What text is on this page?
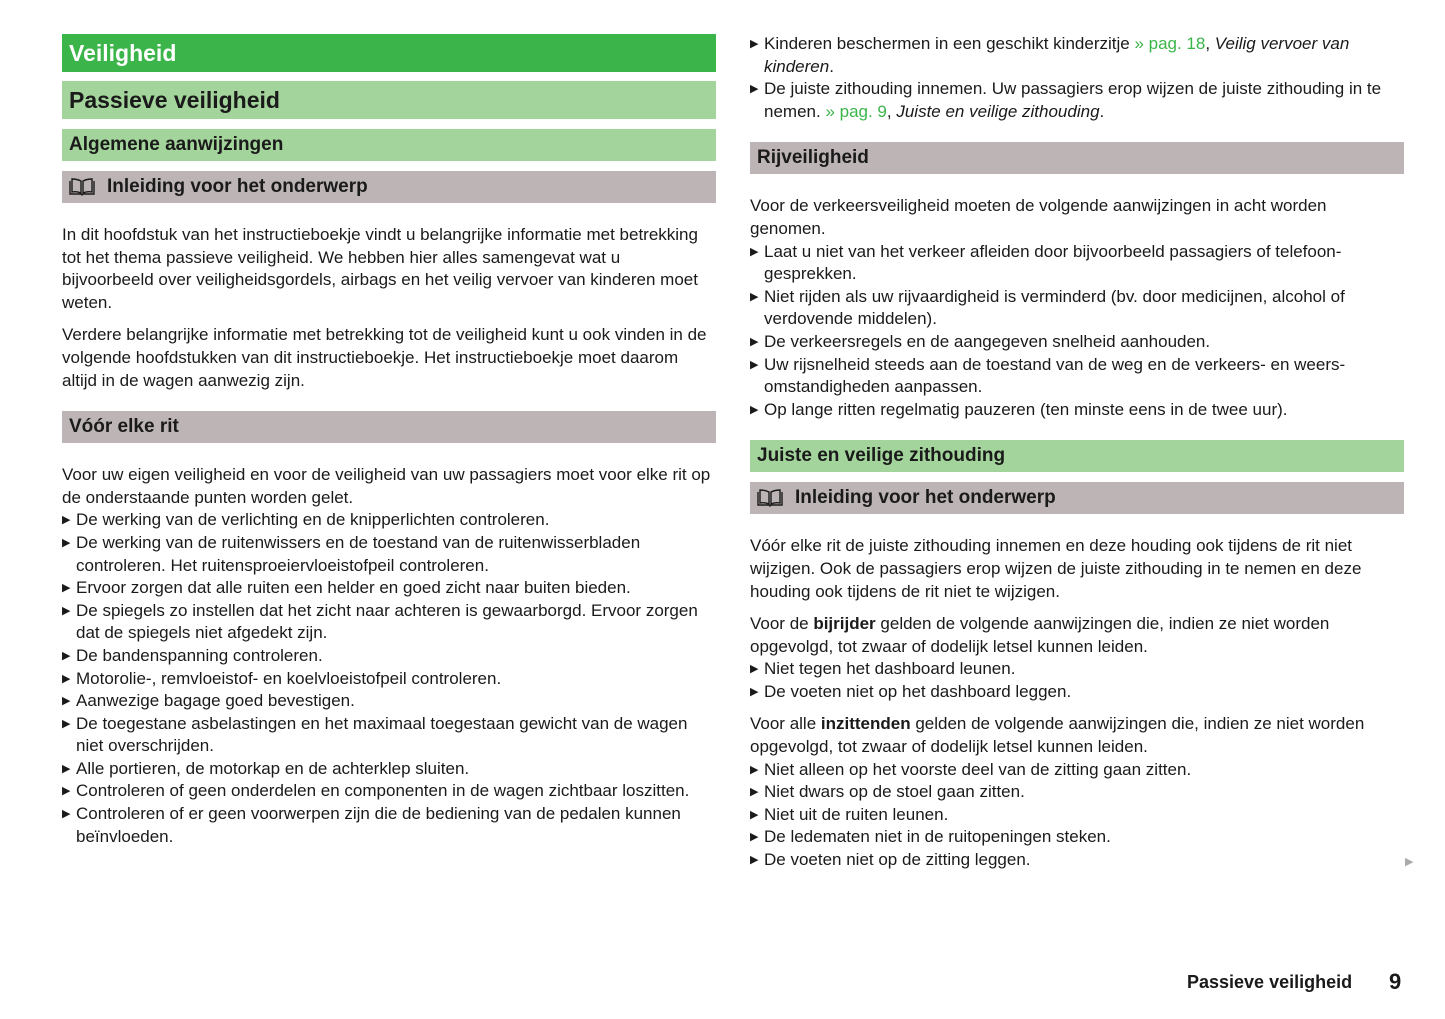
Veiligheid
Passieve veiligheid
Algemene aanwijzingen
Inleiding voor het onderwerp
In dit hoofdstuk van het instructieboekje vindt u belangrijke informatie met betrekking tot het thema passieve veiligheid. We hebben hier alles samengevat wat u bijvoorbeeld over veiligheidsgordels, airbags en het veilig vervoer van kinderen moet weten.
Verdere belangrijke informatie met betrekking tot de veiligheid kunt u ook vinden in de volgende hoofdstukken van dit instructieboekje. Het instructieboekje moet daarom altijd in de wagen aanwezig zijn.
Vóór elke rit
Voor uw eigen veiligheid en voor de veiligheid van uw passagiers moet voor elke rit op de onderstaande punten worden gelet.
▶ De werking van de verlichting en de knipperlichten controleren.
▶ De werking van de ruitenwissers en de toestand van de ruitenwisserbladen controleren. Het ruitensproeiervloeistofpeil controleren.
▶ Ervoor zorgen dat alle ruiten een helder en goed zicht naar buiten bieden.
▶ De spiegels zo instellen dat het zicht naar achteren is gewaarborgd. Ervoor zorgen dat de spiegels niet afgedekt zijn.
▶ De bandenspanning controleren.
▶ Motorolie-, remvloeistof- en koelvloeistofpeil controleren.
▶ Aanwezige bagage goed bevestigen.
▶ De toegestane asbelastingen en het maximaal toegestaan gewicht van de wagen niet overschrijden.
▶ Alle portieren, de motorkap en de achterklep sluiten.
▶ Controleren of geen onderdelen en componenten in de wagen zichtbaar loszitten.
▶ Controleren of er geen voorwerpen zijn die de bediening van de pedalen kunnen beïnvloeden.
▶ Kinderen beschermen in een geschikt kinderzitje » pag. 18, Veilig vervoer van kinderen.
▶ De juiste zithouding innemen. Uw passagiers erop wijzen de juiste zithouding in te nemen. » pag. 9, Juiste en veilige zithouding.
Rijveiligheid
Voor de verkeersveiligheid moeten de volgende aanwijzingen in acht worden genomen.
▶ Laat u niet van het verkeer afleiden door bijvoorbeeld passagiers of telefoongesprekken.
▶ Niet rijden als uw rijvaardigheid is verminderd (bv. door medicijnen, alcohol of verdovende middelen).
▶ De verkeersregels en de aangegeven snelheid aanhouden.
▶ Uw rijsnelheid steeds aan de toestand van de weg en de verkeers- en weersomstandigheden aanpassen.
▶ Op lange ritten regelmatig pauzeren (ten minste eens in de twee uur).
Juiste en veilige zithouding
Inleiding voor het onderwerp
Vóór elke rit de juiste zithouding innemen en deze houding ook tijdens de rit niet wijzigen. Ook de passagiers erop wijzen de juiste zithouding in te nemen en deze houding ook tijdens de rit niet te wijzigen.
Voor de bijrijder gelden de volgende aanwijzingen die, indien ze niet worden opgevolgd, tot zwaar of dodelijk letsel kunnen leiden.
▶ Niet tegen het dashboard leunen.
▶ De voeten niet op het dashboard leggen.
Voor alle inzittenden gelden de volgende aanwijzingen die, indien ze niet worden opgevolgd, tot zwaar of dodelijk letsel kunnen leiden.
▶ Niet alleen op het voorste deel van de zitting gaan zitten.
▶ Niet dwars op de stoel gaan zitten.
▶ Niet uit de ruiten leunen.
▶ De ledematen niet in de ruitopeningen steken.
▶ De voeten niet op de zitting leggen.	▶
Passieve veiligheid 9
